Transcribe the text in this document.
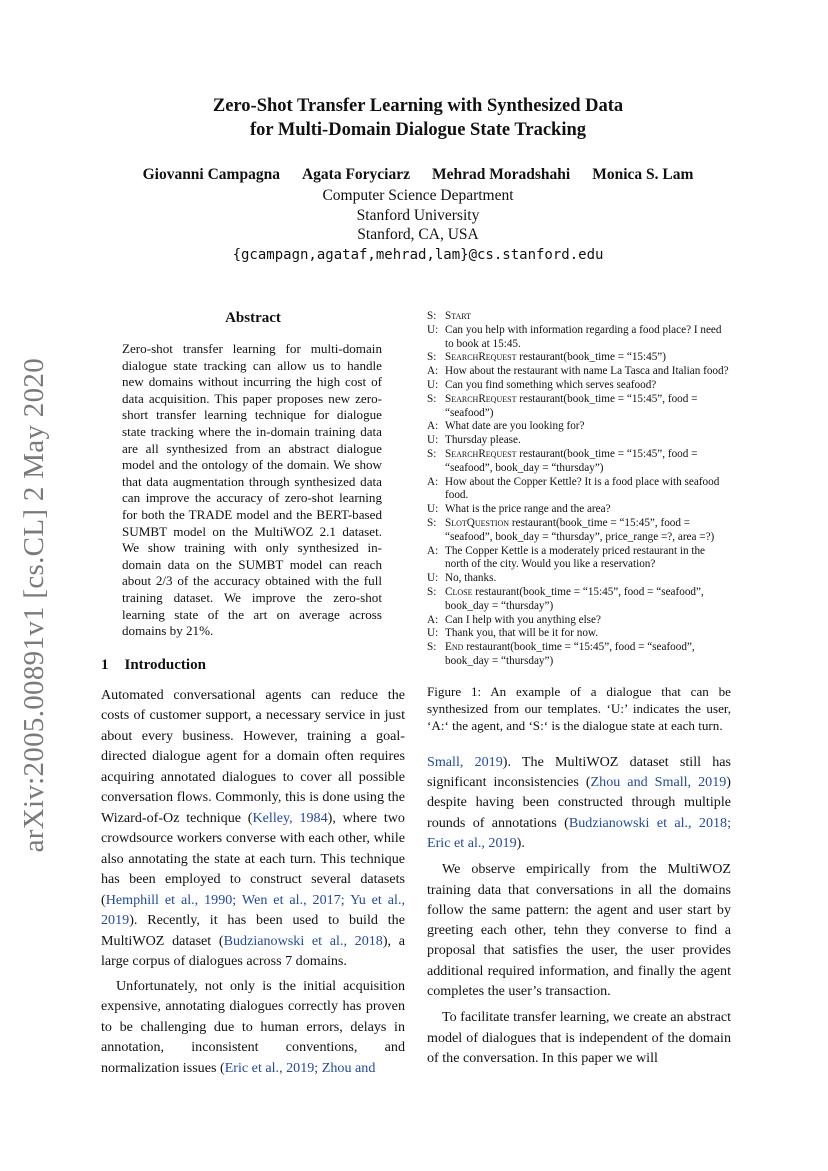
arXiv:2005.00891v1 [cs.CL] 2 May 2020
Zero-Shot Transfer Learning with Synthesized Data
for Multi-Domain Dialogue State Tracking
Giovanni Campagna Agata Foryciarz Mehrad Moradshahi Monica S. Lam
Computer Science Department
Stanford University
Stanford, CA, USA
{gcampagn,agataf,mehrad,lam}@cs.stanford.edu
Abstract

Zero-shot transfer learning for multi-domain dialogue state tracking can allow us to handle new domains without incurring the high cost of data acquisition. This paper proposes new zero-short transfer learning technique for dialogue state tracking where the in-domain training data are all synthesized from an abstract dialogue model and the ontology of the domain. We show that data augmentation through synthesized data can improve the accuracy of zero-shot learning for both the TRADE model and the BERT-based SUMBT model on the MultiWOZ 2.1 dataset. We show training with only synthesized in-domain data on the SUMBT model can reach about 2/3 of the accuracy obtained with the full training dataset. We improve the zero-shot learning state of the art on average across domains by 21%.

1 Introduction

Automated conversational agents can reduce the costs of customer support, a necessary service in just about every business. However, training a goal-directed dialogue agent for a domain often requires acquiring annotated dialogues to cover all possible conversation flows. Commonly, this is done using the Wizard-of-Oz technique (Kelley, 1984), where two crowdsource workers converse with each other, while also annotating the state at each turn. This technique has been employed to construct several datasets (Hemphill et al., 1990; Wen et al., 2017; Yu et al., 2019). Recently, it has been used to build the MultiWOZ dataset (Budzianowski et al., 2018), a large corpus of dialogues across 7 domains.

Unfortunately, not only is the initial acquisition expensive, annotating dialogues correctly has proven to be challenging due to human errors, delays in annotation, inconsistent conventions, and normalization issues (Eric et al., 2019; Zhou and

S: Start
U: Can you help with information regarding a food place? I need to book at 15:45.
S: SearchRequest restaurant(book_time = “15:45”)
A: How about the restaurant with name La Tasca and Italian food?
U: Can you find something which serves seafood?
S: SearchRequest restaurant(book_time = “15:45”, food = “seafood”)
A: What date are you looking for?
U: Thursday please.
S: SearchRequest restaurant(book_time = “15:45”, food = “seafood”, book_day = “thursday”)
A: How about the Copper Kettle? It is a food place with seafood food.
U: What is the price range and the area?
S: SlotQuestion restaurant(book_time = “15:45”, food = “seafood”, book_day = “thursday”, price_range =?, area =?)
A: The Copper Kettle is a moderately priced restaurant in the north of the city. Would you like a reservation?
U: No, thanks.
S: Close restaurant(book_time = “15:45”, food = “seafood”, book_day = “thursday”)
A: Can I help with you anything else?
U: Thank you, that will be it for now.
S: End restaurant(book_time = “15:45”, food = “seafood”, book_day = “thursday”)

Figure 1: An example of a dialogue that can be synthesized from our templates. ‘U:’ indicates the user, ‘A:‘ the agent, and ‘S:‘ is the dialogue state at each turn.

Small, 2019). The MultiWOZ dataset still has significant inconsistencies (Zhou and Small, 2019) despite having been constructed through multiple rounds of annotations (Budzianowski et al., 2018; Eric et al., 2019).

We observe empirically from the MultiWOZ training data that conversations in all the domains follow the same pattern: the agent and user start by greeting each other, tehn they converse to find a proposal that satisfies the user, the user provides additional required information, and finally the agent completes the user’s transaction.

To facilitate transfer learning, we create an abstract model of dialogues that is independent of the domain of the conversation. In this paper we will
